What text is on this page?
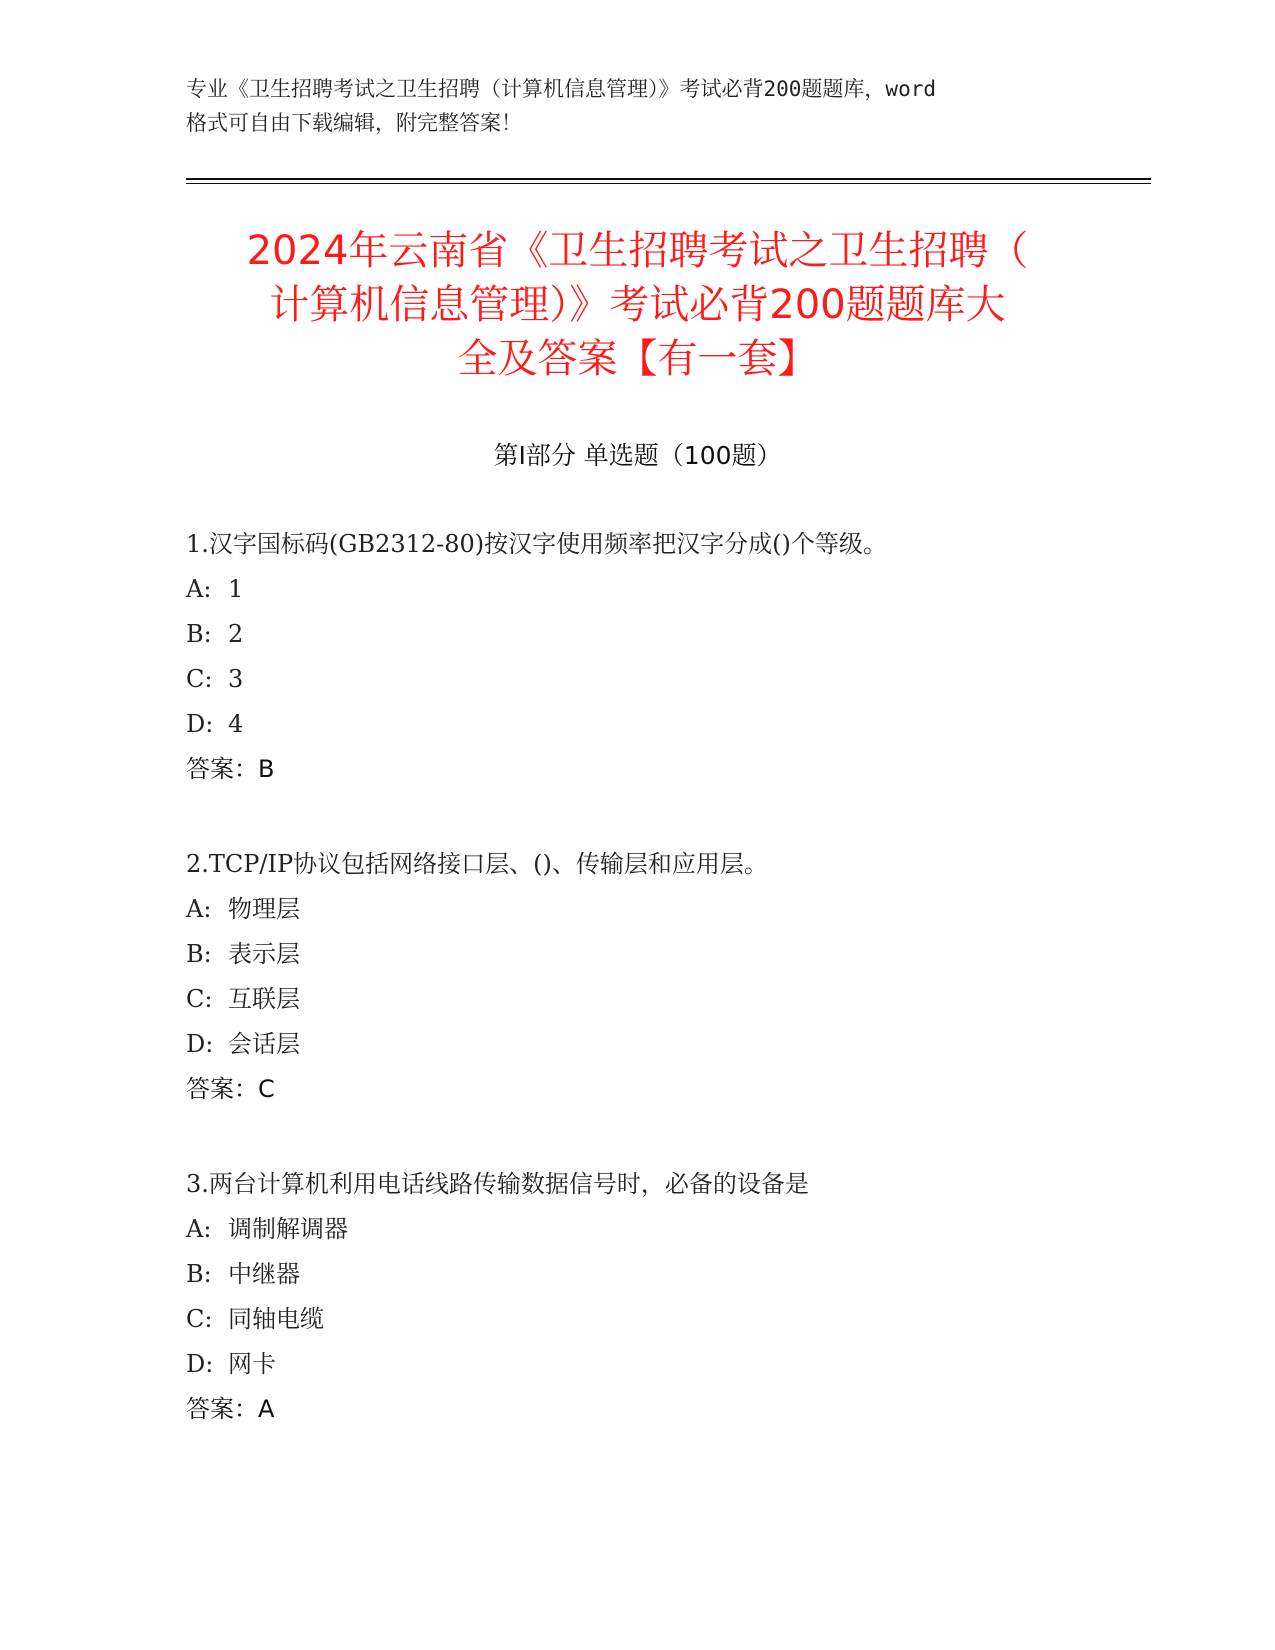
专业《卫生招聘考试之卫生招聘（计算机信息管理）》考试必背200题题库，word
格式可自由下载编辑，附完整答案！
2024年云南省《卫生招聘考试之卫生招聘（
计算机信息管理）》考试必背200题题库大
全及答案【有一套】
第I部分 单选题（100题）
1.汉字国标码(GB2312-80)按汉字使用频率把汉字分成()个等级。
A: 1
B: 2
C: 3
D: 4
答案：B
2.TCP/IP协议包括网络接口层、()、传输层和应用层。
A: 物理层
B: 表示层
C: 互联层
D: 会话层
答案：C
3.两台计算机利用电话线路传输数据信号时，必备的设备是
A: 调制解调器
B: 中继器
C: 同轴电缆
D: 网卡
答案：A
